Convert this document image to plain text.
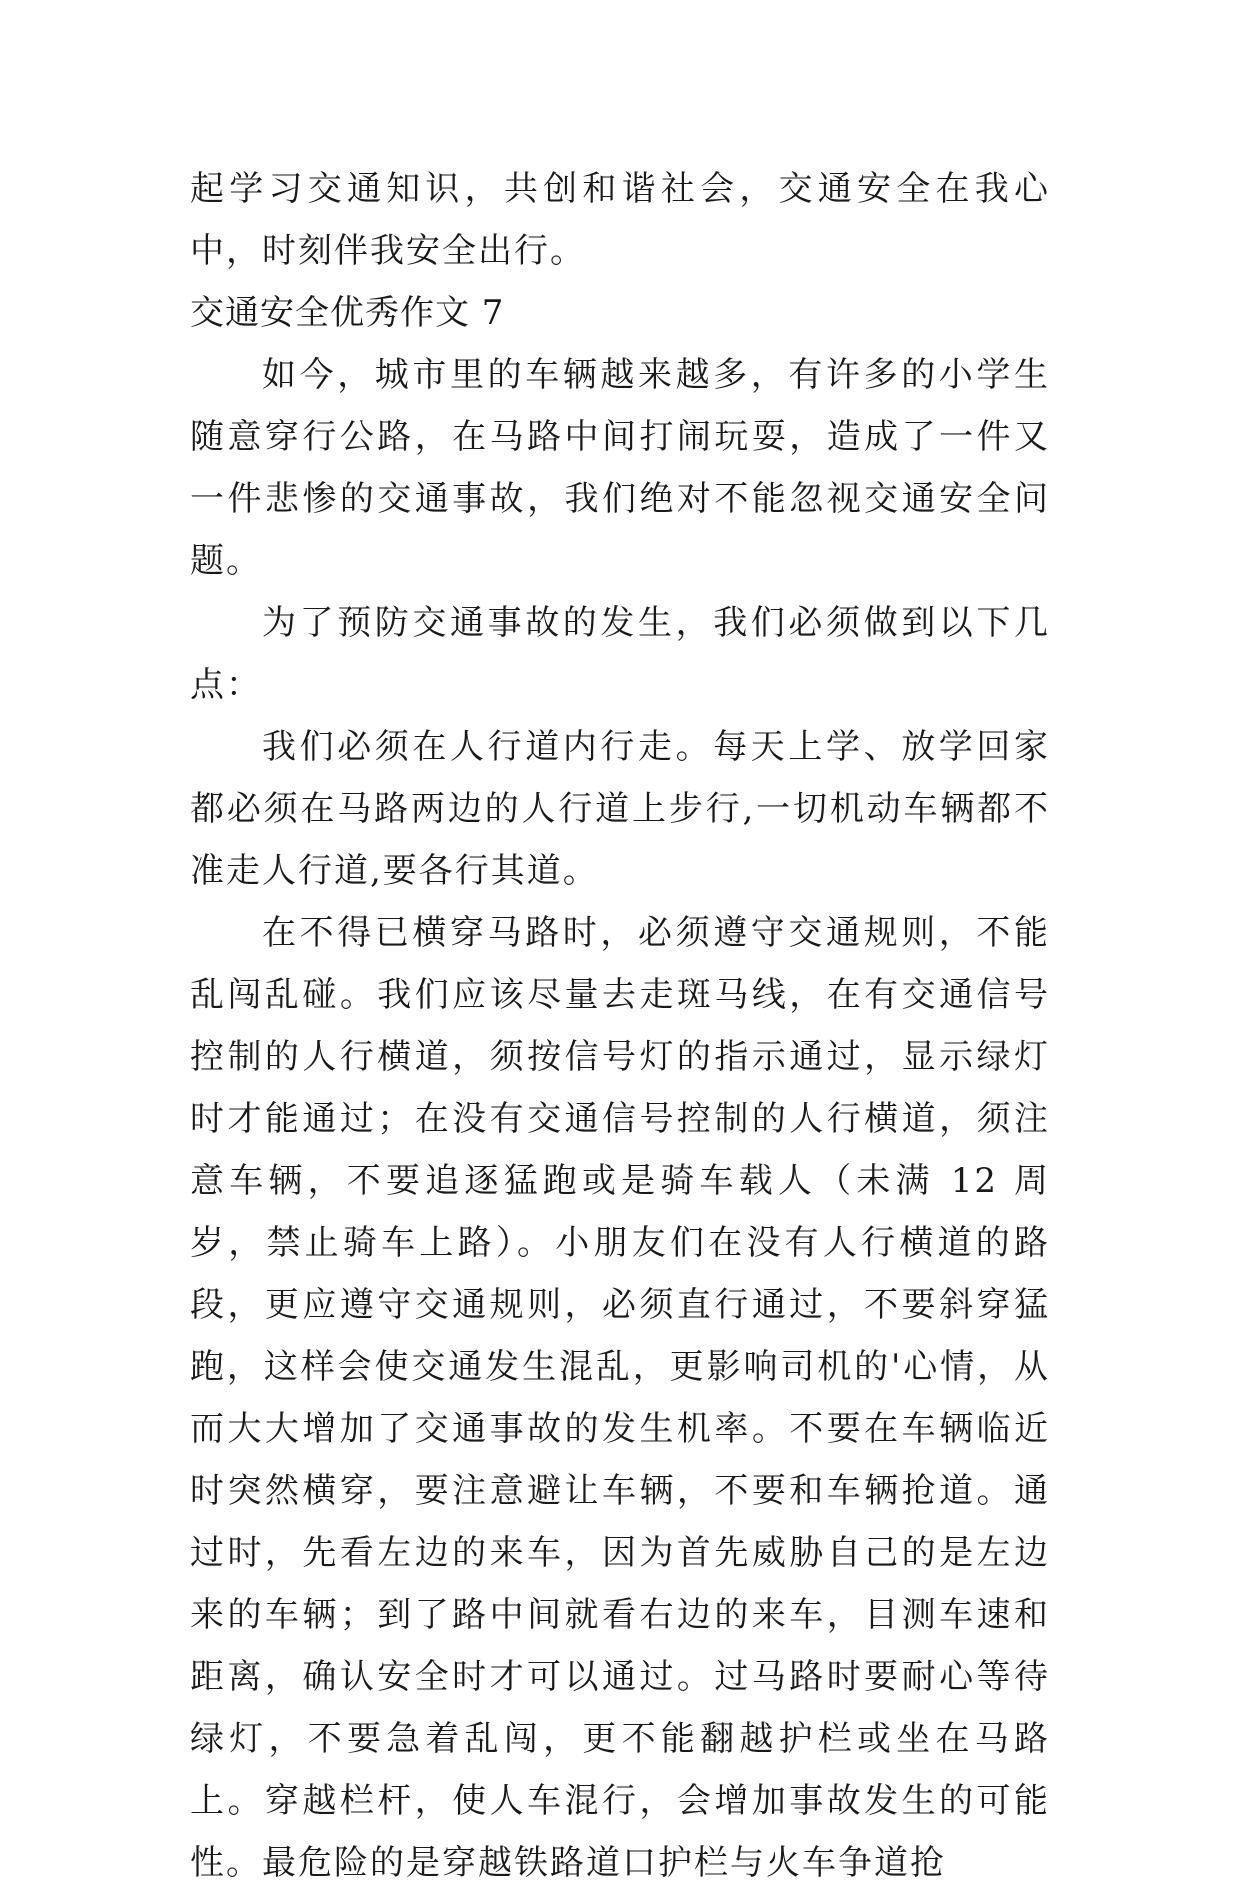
起学习交通知识，共创和谐社会，交通安全在我心中，时刻伴我安全出行。

交通安全优秀作文 7

如今，城市里的车辆越来越多，有许多的小学生随意穿行公路，在马路中间打闹玩耍，造成了一件又一件悲惨的交通事故，我们绝对不能忽视交通安全问题。

为了预防交通事故的发生，我们必须做到以下几点：

我们必须在人行道内行走。每天上学、放学回家都必须在马路两边的人行道上步行,一切机动车辆都不准走人行道,要各行其道。

在不得已横穿马路时，必须遵守交通规则，不能乱闯乱碰。我们应该尽量去走斑马线，在有交通信号控制的人行横道，须按信号灯的指示通过，显示绿灯时才能通过；在没有交通信号控制的人行横道，须注意车辆，不要追逐猛跑或是骑车载人（未满 12 周岁，禁止骑车上路）。小朋友们在没有人行横道的路段，更应遵守交通规则，必须直行通过，不要斜穿猛跑，这样会使交通发生混乱，更影响司机的'心情，从而大大增加了交通事故的发生机率。不要在车辆临近时突然横穿，要注意避让车辆，不要和车辆抢道。通过时，先看左边的来车，因为首先威胁自己的是左边来的车辆；到了路中间就看右边的来车，目测车速和距离，确认安全时才可以通过。过马路时要耐心等待绿灯，不要急着乱闯，更不能翻越护栏或坐在马路上。穿越栏杆，使人车混行，会增加事故发生的可能性。最危险的是穿越铁路道口护栏与火车争道抢
